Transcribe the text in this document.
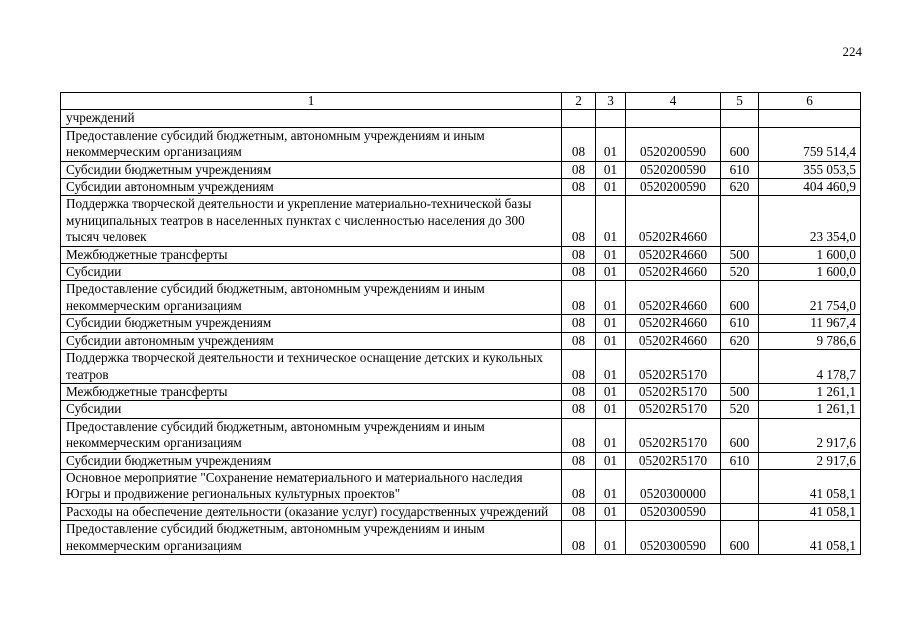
224
1	2	3	4	5	6
учреждений					
Предоставление субсидий бюджетным, автономным учреждениям и иным некоммерческим организациям	08	01	0520200590	600	759 514,4
Субсидии бюджетным учреждениям	08	01	0520200590	610	355 053,5
Субсидии автономным учреждениям	08	01	0520200590	620	404 460,9
Поддержка творческой деятельности и укрепление материально-технической базы муниципальных театров в населенных пунктах с численностью населения до 300 тысяч человек	08	01	05202R4660		23 354,0
Межбюджетные трансферты	08	01	05202R4660	500	1 600,0
Субсидии	08	01	05202R4660	520	1 600,0
Предоставление субсидий бюджетным, автономным учреждениям и иным некоммерческим организациям	08	01	05202R4660	600	21 754,0
Субсидии бюджетным учреждениям	08	01	05202R4660	610	11 967,4
Субсидии автономным учреждениям	08	01	05202R4660	620	9 786,6
Поддержка творческой деятельности и техническое оснащение детских и кукольных театров	08	01	05202R5170		4 178,7
Межбюджетные трансферты	08	01	05202R5170	500	1 261,1
Субсидии	08	01	05202R5170	520	1 261,1
Предоставление субсидий бюджетным, автономным учреждениям и иным некоммерческим организациям	08	01	05202R5170	600	2 917,6
Субсидии бюджетным учреждениям	08	01	05202R5170	610	2 917,6
Основное мероприятие "Сохранение нематериального и материального наследия Югры и продвижение региональных культурных проектов"	08	01	0520300000		41 058,1
Расходы на обеспечение деятельности (оказание услуг) государственных учреждений	08	01	0520300590		41 058,1
Предоставление субсидий бюджетным, автономным учреждениям и иным некоммерческим организациям	08	01	0520300590	600	41 058,1
